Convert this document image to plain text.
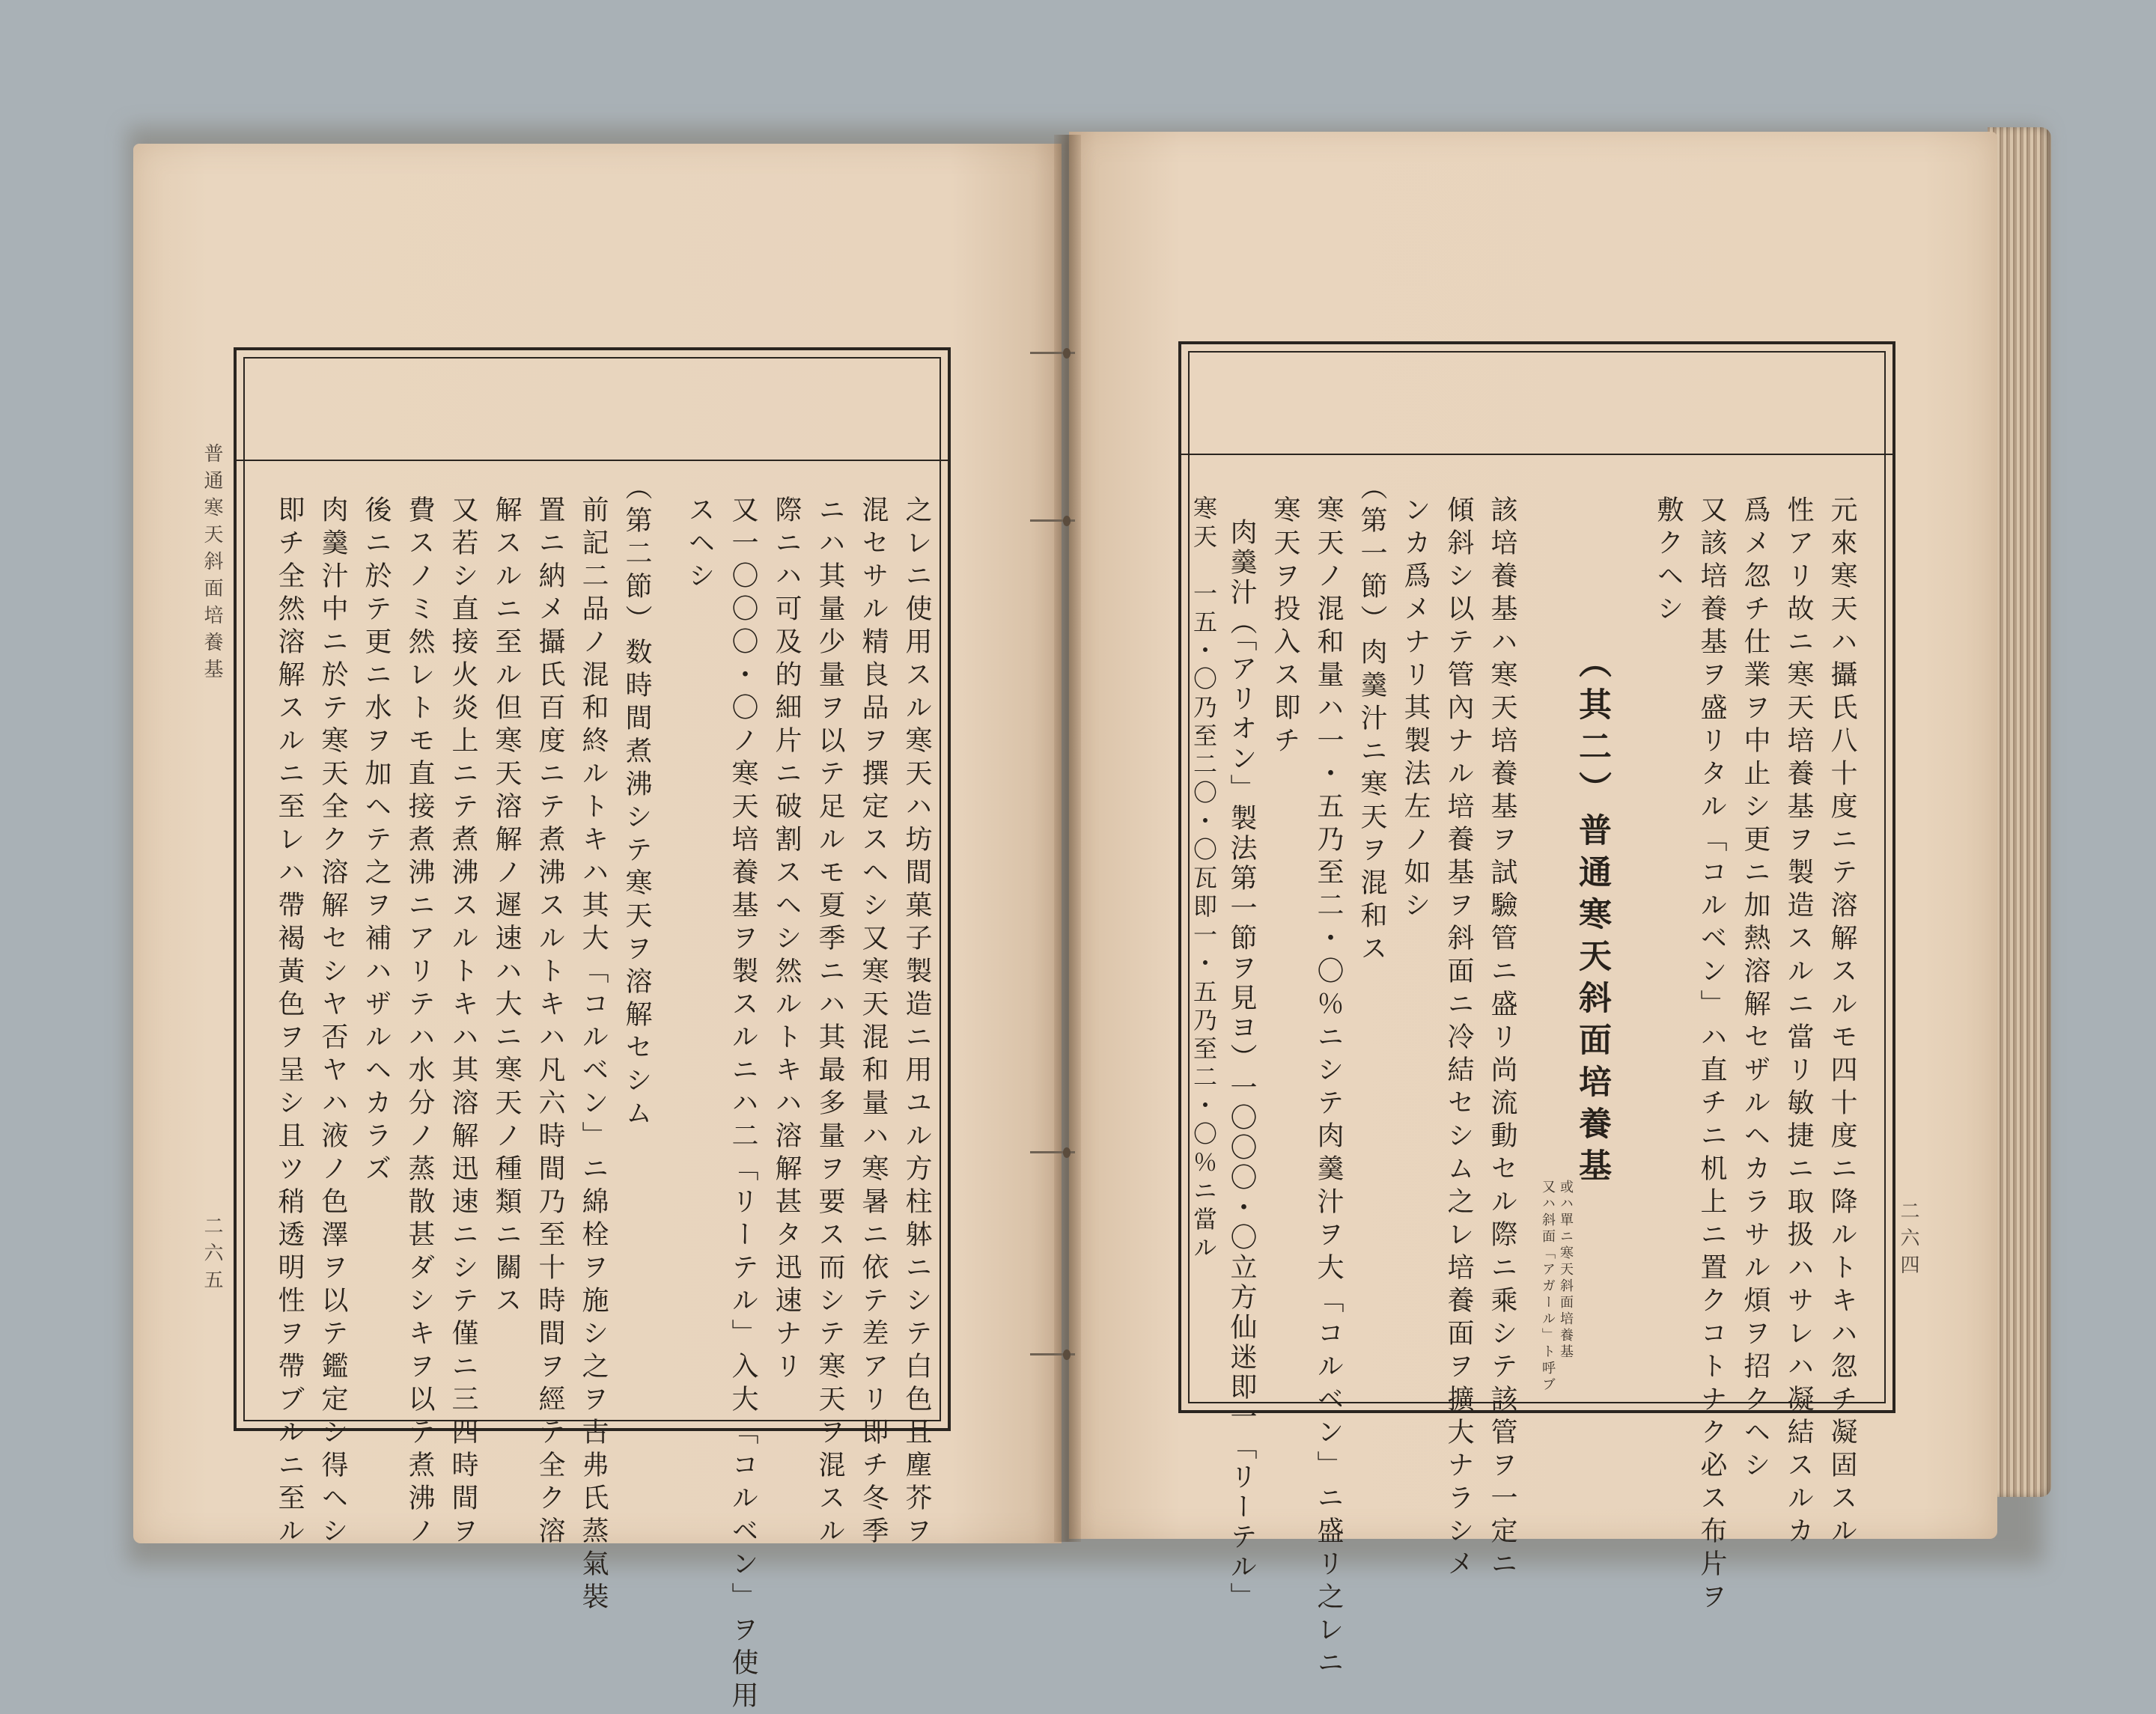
普通寒天斜面培養基
二六五	之レニ使用スル寒天ハ坊間菓子製造ニ用ユル方柱躰ニシテ白色且塵芥ヲ
混セサル精良品ヲ撰定スヘシ又寒天混和量ハ寒暑ニ依テ差アリ即チ冬季
ニハ其量少量ヲ以テ足ルモ夏季ニハ其最多量ヲ要ス而シテ寒天ヲ混スル
際ニハ可及的細片ニ破割スヘシ然ルトキハ溶解甚タ迅速ナリ
又一〇〇〇・〇ノ寒天培養基ヲ製スルニハ二「リーテル」入大「コルベン」ヲ使用
スヘシ
（第二節）数時間煮沸シテ寒天ヲ溶解セシム
前記二品ノ混和終ルトキハ其大「コルベン」ニ綿栓ヲ施シ之ヲ古弗氏蒸氣裝
置ニ納メ攝氏百度ニテ煮沸スルトキハ凡六時間乃至十時間ヲ經テ全ク溶
解スルニ至ル但寒天溶解ノ遲速ハ大ニ寒天ノ種類ニ關ス
又若シ直接火炎上ニテ煮沸スルトキハ其溶解迅速ニシテ僅ニ三四時間ヲ
費スノミ然レトモ直接煮沸ニアリテハ水分ノ蒸散甚ダシキヲ以テ煮沸ノ
後ニ於テ更ニ水ヲ加ヘテ之ヲ補ハザルヘカラズ
肉羹汁中ニ於テ寒天全ク溶解セシヤ否ヤハ液ノ色澤ヲ以テ鑑定シ得ヘシ
即チ全然溶解スルニ至レハ帶褐黃色ヲ呈シ且ツ稍透明性ヲ帶ブルニ至ル	二六四
元來寒天ハ攝氏八十度ニテ溶解スルモ四十度ニ降ルトキハ忽チ凝固スル
性アリ故ニ寒天培養基ヲ製造スルニ當リ敏捷ニ取扱ハサレハ凝結スルカ
爲メ忽チ仕業ヲ中止シ更ニ加熱溶解セザルヘカラサル煩ヲ招クヘシ
又該培養基ヲ盛リタル「コルベン」ハ直チニ机上ニ置クコトナク必ス布片ヲ
敷クヘシ
（其二）普通寒天斜面培養基
或ハ單ニ寒天斜面培養基
又ハ斜面「アガール」ト呼ブ
該培養基ハ寒天培養基ヲ試驗管ニ盛リ尚流動セル際ニ乘シテ該管ヲ一定ニ
傾斜シ以テ管內ナル培養基ヲ斜面ニ冷結セシム之レ培養面ヲ擴大ナラシメ
ンカ爲メナリ其製法左ノ如シ
（第一節）肉羹汁ニ寒天ヲ混和ス
寒天ノ混和量ハ一・五乃至二・〇％ニシテ肉羹汁ヲ大「コルベン」ニ盛リ之レニ
寒天ヲ投入ス即チ
肉羹汁（「アリオン」製法第一節ヲ見ヨ）一〇〇〇・〇立方仙迷即一「リーテル」
寒天　一五・〇乃至二〇・〇瓦即一・五乃至二・〇％ニ當ル
